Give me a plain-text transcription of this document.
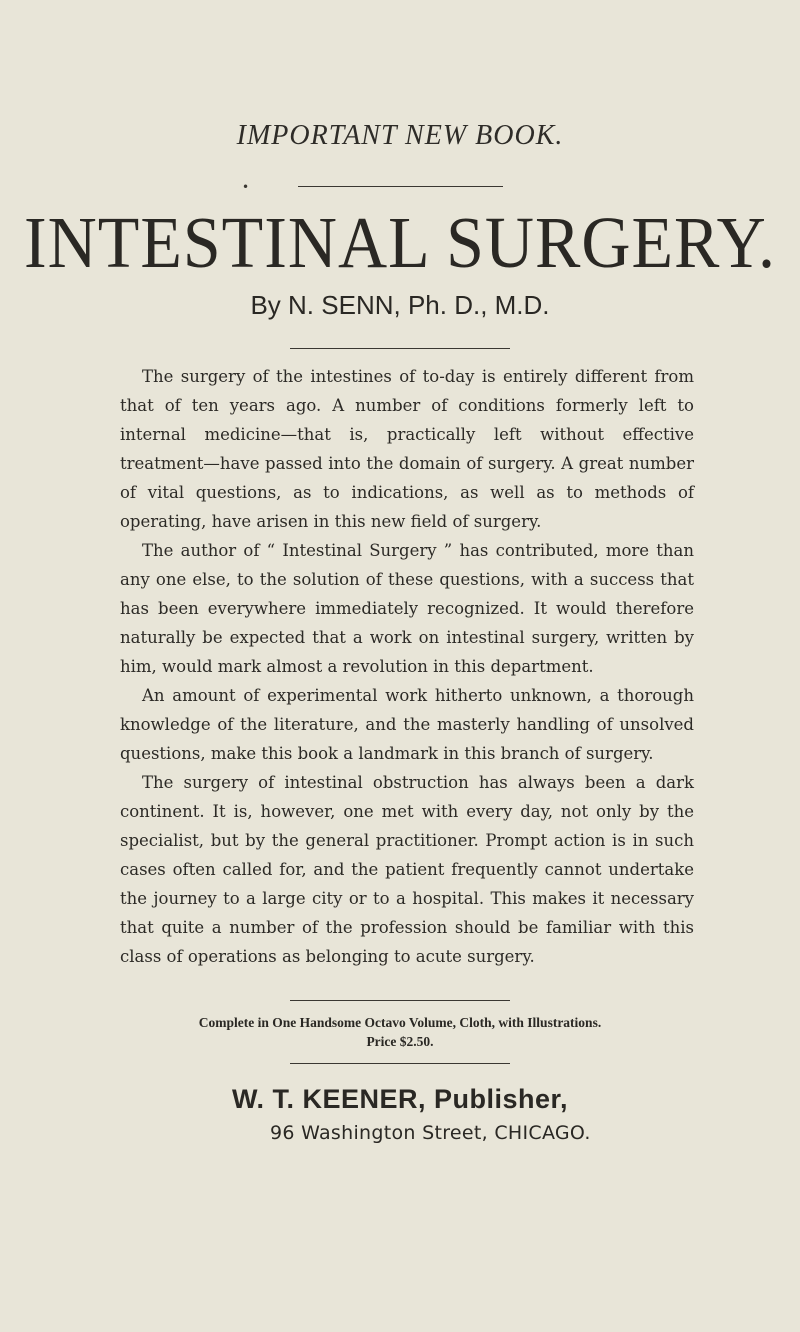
IMPORTANT NEW BOOK.
•
INTESTINAL SURGERY.
By N. SENN, Ph. D., M.D.

The surgery of the intestines of to-day is entirely different from that of ten years ago. A number of conditions formerly left to internal medicine—that is, practically left without effective treatment—have passed into the domain of surgery. A great number of vital questions, as to indications, as well as to methods of operating, have arisen in this new field of surgery.

The author of “ Intestinal Surgery ” has contributed, more than any one else, to the solution of these questions, with a success that has been everywhere immediately recognized. It would therefore naturally be expected that a work on intestinal surgery, written by him, would mark almost a revolution in this department.

An amount of experimental work hitherto unknown, a thorough knowledge of the literature, and the masterly handling of unsolved questions, make this book a landmark in this branch of surgery.

The surgery of intestinal obstruction has always been a dark continent. It is, however, one met with every day, not only by the specialist, but by the general practitioner. Prompt action is in such cases often called for, and the patient frequently cannot undertake the journey to a large city or to a hospital. This makes it necessary that quite a number of the profession should be familiar with this class of operations as belonging to acute surgery.

Complete in One Handsome Octavo Volume, Cloth, with Illustrations.
Price $2.50.
W. T. KEENER, Publisher,
96 Washington Street, CHICAGO.
